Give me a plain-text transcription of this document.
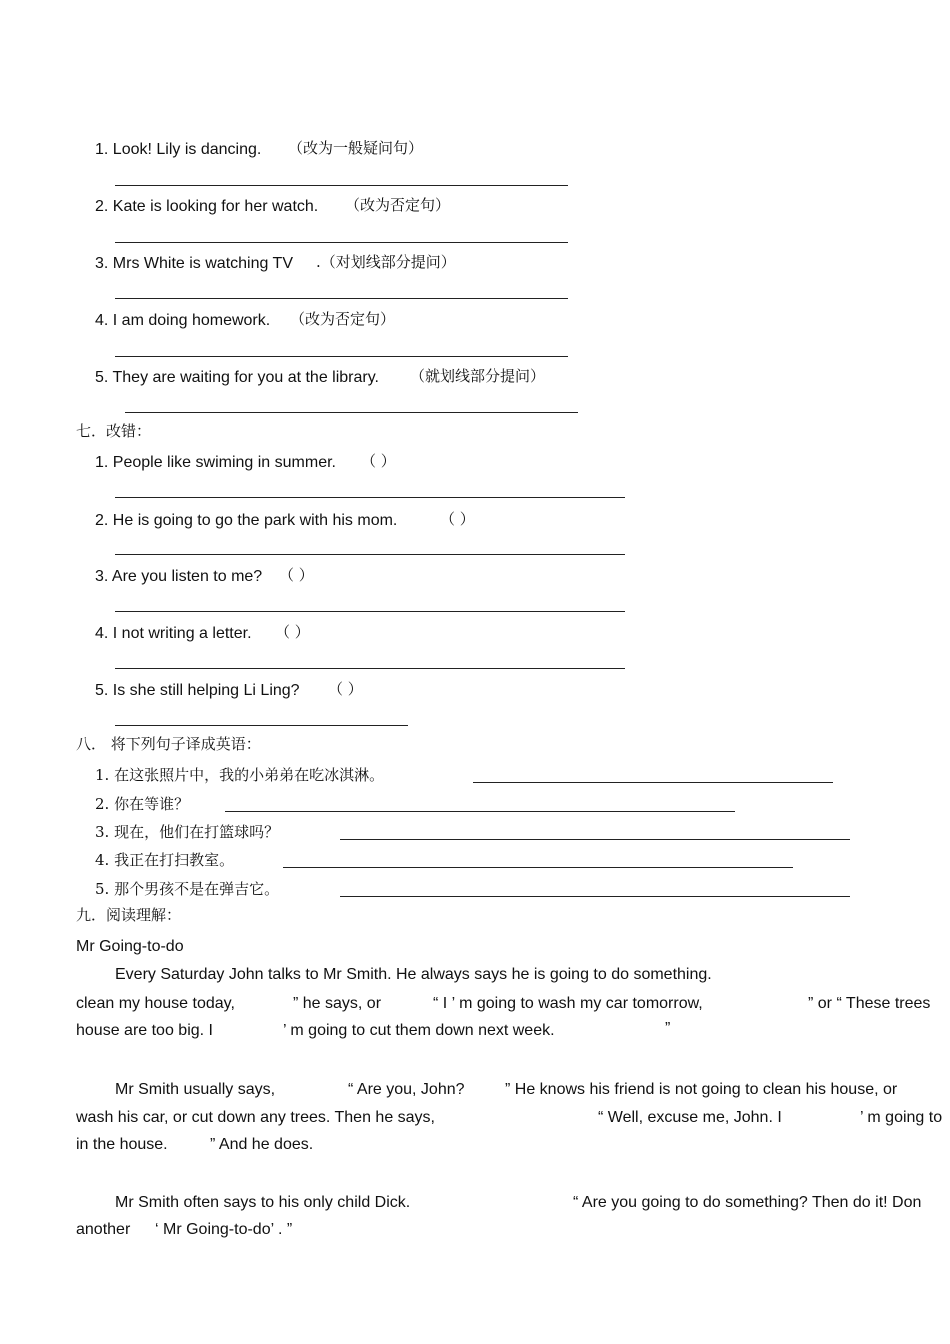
1. Look! Lily is dancing. （改为一般疑问句）
2. Kate is looking for her watch. （改为否定句）
3. Mrs White is watching TV .（对划线部分提问）
4. I am doing homework. （改为否定句）
5. They are waiting for you at the library. （就划线部分提问）
七．改错：
1. People like swiming in summer. （ ）
2. He is going to go the park with his mom.	（ ）
3. Are you listen to me? （ ）
4. I not writing a letter. （ ）
5. Is she still helping Li Ling? （ ）
八． 将下列句子译成英语：
1. 在这张照片中，我的小弟弟在吃冰淇淋。
2. 你在等谁？
3. 现在，他们在打篮球吗？
4. 我正在打扫教室。
5. 那个男孩不是在弹吉它。
九．阅读理解：
Mr Going-to-do
Every Saturday John talks to Mr Smith. He always says he is going to do something.
clean my house today,	” he says, or	“ I ’ m going to wash my car tomorrow,	” or “ These trees
house are too big. I	’ m going to cut them down next week.	”
Mr Smith usually says,	“ Are you, John?	” He knows his friend is not going to clean his house, or
wash his car, or cut down any trees. Then he says,	“ Well, excuse me, John. I	’ m going to
in the house.	” And he does.
Mr Smith often says to his only child Dick.	“ Are you going to do something? Then do it! Don
another ‘ Mr Going-to-do’ . ”
